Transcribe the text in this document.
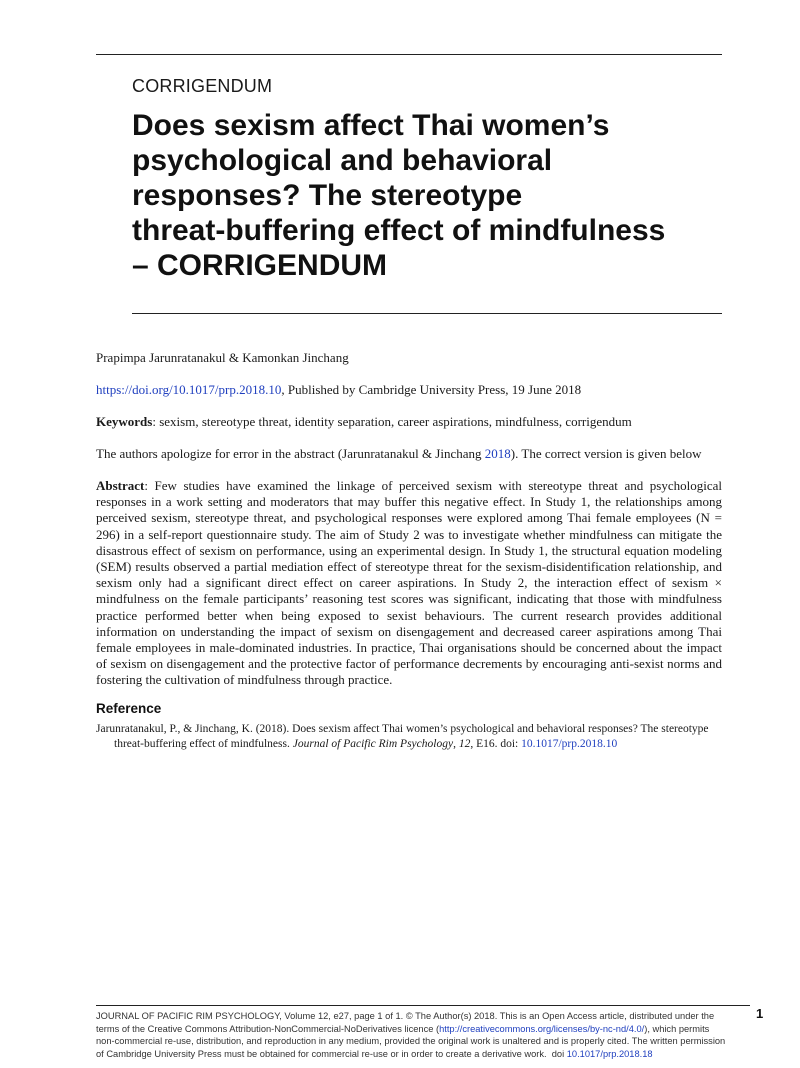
CORRIGENDUM
Does sexism affect Thai women’s
psychological and behavioral
responses? The stereotype
threat-buffering effect of mindfulness
– CORRIGENDUM
Prapimpa Jarunratanakul & Kamonkan Jinchang
https://doi.org/10.1017/prp.2018.10, Published by Cambridge University Press, 19 June 2018
Keywords: sexism, stereotype threat, identity separation, career aspirations, mindfulness, corrigendum
The authors apologize for error in the abstract (Jarunratanakul & Jinchang 2018). The correct version is given below

Abstract: Few studies have examined the linkage of perceived sexism with stereotype threat and psychological responses in a work setting and moderators that may buffer this negative effect. In Study 1, the relationships among perceived sexism, stereotype threat, and psychological responses were explored among Thai female employees (N = 296) in a self-report questionnaire study. The aim of Study 2 was to investigate whether mindfulness can mitigate the disastrous effect of sexism on performance, using an experimental design. In Study 1, the structural equation modeling (SEM) results observed a partial mediation effect of stereotype threat for the sexism-disidentification relationship, and sexism only had a significant direct effect on career aspirations. In Study 2, the interaction effect of sexism × mindfulness on the female participants’ reasoning test scores was significant, indicating that those with mindfulness practice performed better when being exposed to sexist behaviours. The current research provides additional information on understanding the impact of sexism on disengagement and decreased career aspirations among Thai female employees in male-dominated industries. In practice, Thai organisations should be concerned about the impact of sexism on disengagement and the protective factor of performance decrements by encouraging anti-sexist norms and fostering the cultivation of mindfulness through practice.

Reference

Jarunratanakul, P., & Jinchang, K. (2018). Does sexism affect Thai women’s psychological and behavioral responses? The stereotype threat-buffering effect of mindfulness. Journal of Pacific Rim Psychology, 12, E16. doi: 10.1017/prp.2018.10

JOURNAL OF PACIFIC RIM PSYCHOLOGY, Volume 12, e27, page 1 of 1. © The Author(s) 2018. This is an Open Access article, distributed under the terms of the Creative Commons Attribution-NonCommercial-NoDerivatives licence (http://creativecommons.org/licenses/by-nc-nd/4.0/), which permits non-commercial re-use, distribution, and reproduction in any medium, provided the original work is unaltered and is properly cited. The written permission of Cambridge University Press must be obtained for commercial re-use or in order to create a derivative work. doi 10.1017/prp.2018.18

1
